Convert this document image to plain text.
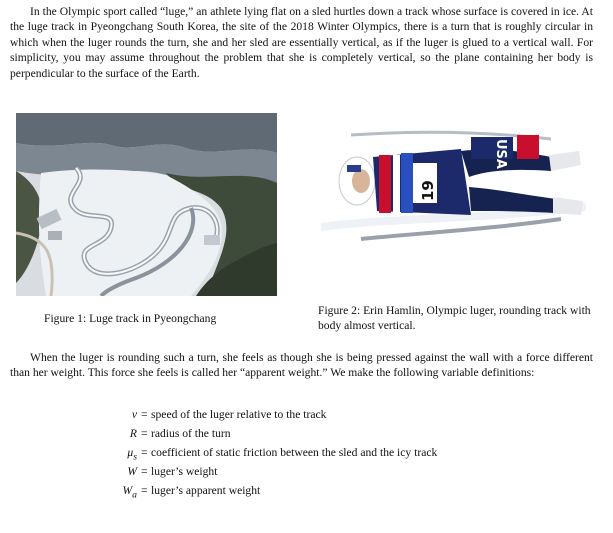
In the Olympic sport called “luge,” an athlete lying flat on a sled hurtles down a track whose surface is covered in ice. At the luge track in Pyeongchang South Korea, the site of the 2018 Winter Olympics, there is a turn that is roughly circular in which when the luger rounds the turn, she and her sled are essentially vertical, as if the luger is glued to a vertical wall. For simplicity, you may assume throughout the problem that she is completely vertical, so the plane containing her body is perpendicular to the surface of the Earth.

19
USA
Figure 1: Luge track in Pyeongchang
Figure 2: Erin Hamlin, Olympic luger, rounding track with body almost vertical.

When the luger is rounding such a turn, she feels as though she is being pressed against the wall with a force different than her weight. This force she feels is called her “apparent weight.” We make the following variable definitions:

v = speed of the luger relative to the track
R = radius of the turn
$\mu_s$ = coefficient of static friction between the sled and the icy track
W = luger’s weight
$W_a$ = luger’s apparent weight
